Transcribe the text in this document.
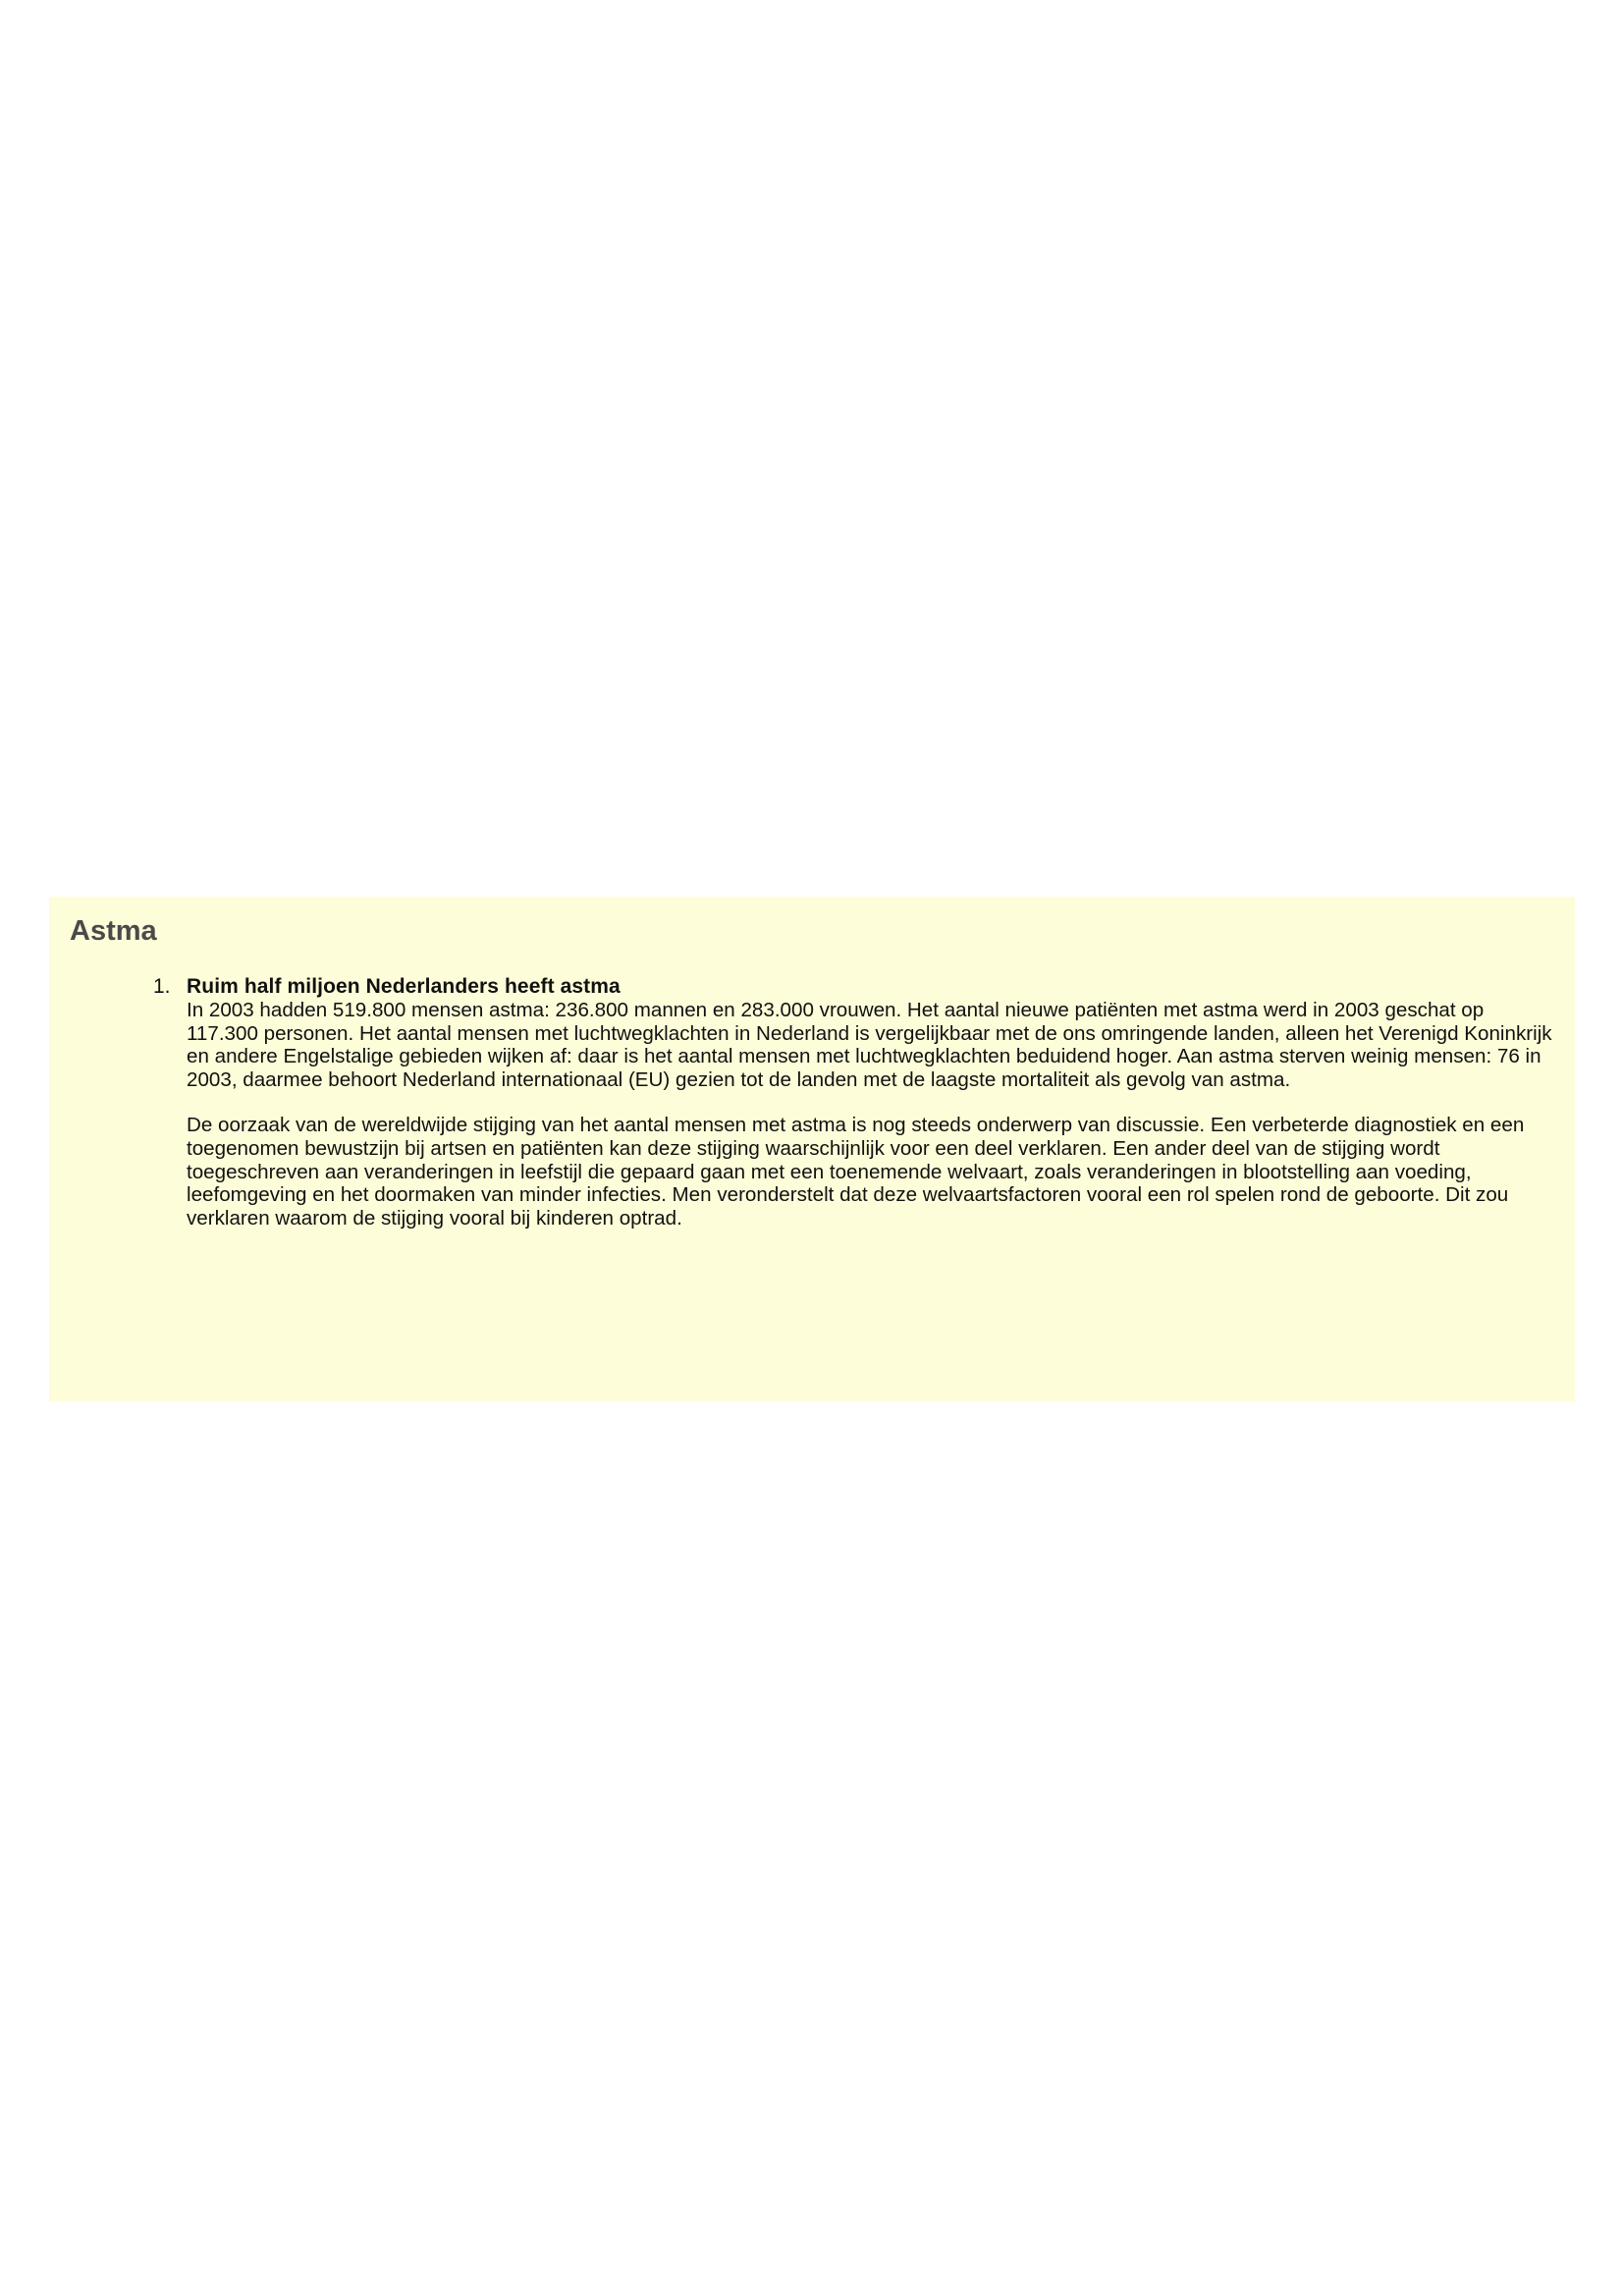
Astma
1. Ruim half miljoen Nederlanders heeft astma

In 2003 hadden 519.800 mensen astma: 236.800 mannen en 283.000 vrouwen. Het aantal nieuwe patiënten met astma werd in 2003 geschat op 117.300 personen. Het aantal mensen met luchtwegklachten in Nederland is vergelijkbaar met de ons omringende landen, alleen het Verenigd Koninkrijk en andere Engelstalige gebieden wijken af: daar is het aantal mensen met luchtwegklachten beduidend hoger. Aan astma sterven weinig mensen: 76 in 2003, daarmee behoort Nederland internationaal (EU) gezien tot de landen met de laagste mortaliteit als gevolg van astma.

De oorzaak van de wereldwijde stijging van het aantal mensen met astma is nog steeds onderwerp van discussie. Een verbeterde diagnostiek en een toegenomen bewustzijn bij artsen en patiënten kan deze stijging waarschijnlijk voor een deel verklaren. Een ander deel van de stijging wordt toegeschreven aan veranderingen in leefstijl die gepaard gaan met een toenemende welvaart, zoals veranderingen in blootstelling aan voeding, leefomgeving en het doormaken van minder infecties. Men veronderstelt dat deze welvaartsfactoren vooral een rol spelen rond de geboorte. Dit zou verklaren waarom de stijging vooral bij kinderen optrad.
